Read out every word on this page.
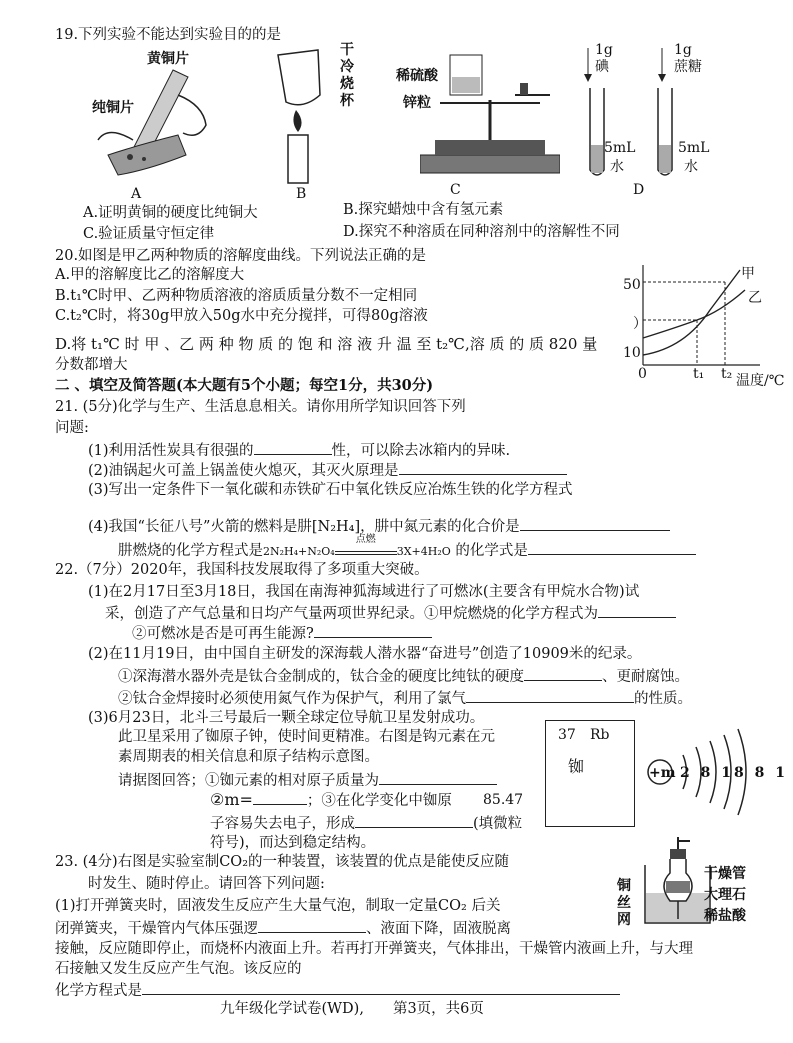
19.下列实验不能达到实验目的的是
黄铜片
纯铜片
A
干冷烧杯
B
稀硫酸
锌粒
C
1g
碘
1g
蔗糖
5mL
水
5mL
水
D
A.证明黄铜的硬度比纯铜大	B.探究蜡烛中含有氢元素
C.验证质量守恒定律	D.探究不种溶质在同种溶剂中的溶解性不同
20.如图是甲乙两种物质的溶解度曲线。下列说法正确的是
A.甲的溶解度比乙的溶解度大
B.t₁℃时甲、乙两种物质溶液的溶质质量分数不一定相同
C.t₂℃时，将30g甲放入50g水中充分搅拌，可得80g溶液
D.将 t₁℃ 时 甲 、乙 两 种 物 质 的 饱 和 溶 液 升 温 至 t₂℃,溶 质 的 质 820 量
分数都增大
50
）
10
0	t₁ t₂ 温度/℃
甲
乙
二 、填空及简答题(本大题有5个小题；每空1分，共30分)
21. (5分)化学与生产、生活息息相关。请你用所学知识回答下列
问题:
(1)利用活性炭具有很强的	性，可以除去冰箱内的异味.
(2)油锅起火可盖上锅盖使火熄灭，其灭火原理是
(3)写出一定条件下一氧化碳和赤铁矿石中氧化铁反应冶炼生铁的化学方程式
(4)我国“长征八号”火箭的燃料是肼[N₂H₄]，肼中氮元素的化合价是
肼燃烧的化学方程式是2N₂H₄+N₂O₄
点燃
3X+4H₂O 的化学式是
22.（7分）2020年，我国科技发展取得了多项重大突破。
(1)在2月17日至3月18日，我国在南海神狐海域进行了可燃冰(主要含有甲烷水合物)试
采，创造了产气总量和日均产气量两项世界纪录。①甲烷燃烧的化学方程式为
②可燃冰是否是可再生能源?
(2)在11月19日，由中国自主研发的深海载人潜水器“奋进号”创造了10909米的纪录。
①深海潜水器外壳是钛合金制成的，钛合金的硬度比纯钛的硬度	、更耐腐蚀。
②钛合金焊接时必须使用氮气作为保护气，利用了氯气	的性质。
(3)6月23日，北斗三号最后一颗全球定位导航卫星发射成功。
此卫星采用了铷原子钟，使时间更精准。右图是钩元素在元
素周期表的相关信息和原子结构示意图。
请据图回答；①铷元素的相对原子质量为
②m=	；③在化学变化中铷原
子容易失去电子，形成	(填微粒
符号)，而达到稳定结构。
37 Rb
铷
85.47
+m 2 8 18 8 1
23. (4分)右图是实验室制CO₂的一种装置，该装置的优点是能使反应随
时发生、随时停止。请回答下列问题:
(1)打开弹簧夹时，固液发生反应产生大量气泡，制取一定量CO₂ 后关
闭弹簧夹，干燥管内气体压强逻	、液面下降，固液脱离
接触，反应随即停止，而烧杯内液面上升。若再打开弹簧夹，气体排出，干燥管内液画上升，与大理
石接触又发生反应产生气泡。该反应的
化学方程式是
干燥管
大理石
稀盐酸
铜丝网
九年级化学试卷(WD),　　第3页，共6页
